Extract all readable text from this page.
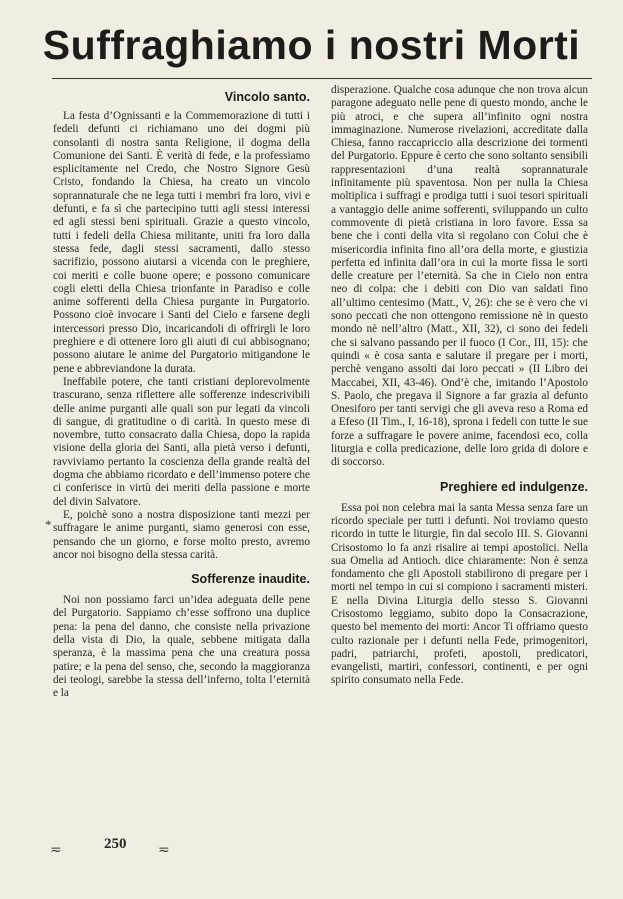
Suffraghiamo i nostri Morti
*
Vincolo santo.

La festa d’Ognissanti e la Commemorazione di tutti i fedeli defunti ci richiamano uno dei dogmi più consolanti di nostra santa Religione, il dogma della Comunione dei Santi. È verità di fede, e la professiamo esplicitamente nel Credo, che Nostro Signore Gesù Cristo, fondando la Chiesa, ha creato un vincolo soprannaturale che ne lega tutti i membri fra loro, vivi e defunti, e fa sì che partecipino tutti agli stessi interessi ed agli stessi beni spirituali. Grazie a questo vincolo, tutti i fedeli della Chiesa militante, uniti fra loro dalla stessa fede, dagli stessi sacramenti, dallo stesso sacrifizio, possono aiutarsi a vicenda con le preghiere, coi meriti e colle buone opere; e possono comunicare cogli eletti della Chiesa trionfante in Paradiso e colle anime sofferenti della Chiesa purgante in Purgatorio. Possono cioè invocare i Santi del Cielo e farsene degli intercessori presso Dio, incaricandoli di offrirgli le loro preghiere e di ottenere loro gli aiuti di cui abbisognano; possono aiutare le anime del Purgatorio mitigandone le pene e abbreviandone la durata.

Ineffabile potere, che tanti cristiani deplorevolmente trascurano, senza riflettere alle sofferenze indescrivibili delle anime purganti alle quali son pur legati da vincoli di sangue, di gratitudine o di carità. In questo mese di novembre, tutto consacrato dalla Chiesa, dopo la rapida visione della gloria dei Santi, alla pietà verso i defunti, ravviviamo pertanto la coscienza della grande realtà del dogma che abbiamo ricordato e dell’immenso potere che ci conferisce in virtù dei meriti della passione e morte del divin Salvatore.

E, poichè sono a nostra disposizione tanti mezzi per suffragare le anime purganti, siamo generosi con esse, pensando che un giorno, e forse molto presto, avremo ancor noi bisogno della stessa carità.

Sofferenze inaudite.

Noi non possiamo farci un’idea adeguata delle pene del Purgatorio. Sappiamo ch’esse soffrono una duplice pena: la pena del danno, che consiste nella privazione della vista di Dio, la quale, sebbene mitigata dalla speranza, è la massima pena che una creatura possa patire; e la pena del senso, che, secondo la maggioranza dei teologi, sarebbe la stessa dell’inferno, tolta l’eternità e la

disperazione. Qualche cosa adunque che non trova alcun paragone adeguato nelle pene di questo mondo, anche le più atroci, e che supera all’infinito ogni nostra immaginazione. Numerose rivelazioni, accreditate dalla Chiesa, fanno raccapriccio alla descrizione dei tormenti del Purgatorio. Eppure è certo che sono soltanto sensibili rappresentazioni d’una realtà soprannaturale infinitamente più spaventosa. Non per nulla la Chiesa moltiplica i suffragi e prodiga tutti i suoi tesori spirituali a vantaggio delle anime sofferenti, sviluppando un culto commovente di pietà cristiana in loro favore. Essa sa bene che i conti della vita si regolano con Colui che è misericordia infinita fino all’ora della morte, e giustizia perfetta ed infinita dall’ora in cui la morte fissa le sorti delle creature per l’eternità. Sa che in Cielo non entra neo di colpa: che i debiti con Dio van saldati fino all’ultimo centesimo (Matt., V, 26): che se è vero che vi sono peccati che non ottengono remissione nè in questo mondo nè nell’altro (Matt., XII, 32), ci sono dei fedeli che si salvano passando per il fuoco (I Cor., III, 15): che quindi « è cosa santa e salutare il pregare per i morti, perchè vengano assolti dai loro peccati » (II Libro dei Maccabei, XII, 43-46). Ond’è che, imitando l’Apostolo S. Paolo, che pregava il Signore a far grazia al defunto Onesiforo per tanti servigi che gli aveva reso a Roma ed a Efeso (II Tim., I, 16-18), sprona i fedeli con tutte le sue forze a suffragare le povere anime, facendosi eco, colla liturgia e colla predicazione, delle loro grida di dolore e di soccorso.

Preghiere ed indulgenze.

Essa poi non celebra mai la santa Messa senza fare un ricordo speciale per tutti i defunti. Noi troviamo questo ricordo in tutte le liturgie, fin dal secolo III. S. Giovanni Crisostomo lo fa anzi risalire ai tempi apostolici. Nella sua Omelia ad Antioch. dice chiaramente: Non è senza fondamento che gli Apostoli stabilirono di pregare per i morti nel tempo in cui si compiono i sacramenti misteri. E nella Divina Liturgia dello stesso S. Giovanni Crisostomo leggiamo, subito dopo la Consacrazione, questo bel memento dei morti: Ancor Ti offriamo questo culto razionale per i defunti nella Fede, primogenitori, padri, patriarchi, profeti, apostoli, predicatori, evangelisti, martiri, confessori, continenti, e per ogni spirito consumato nella Fede.

≂	250 ≂
